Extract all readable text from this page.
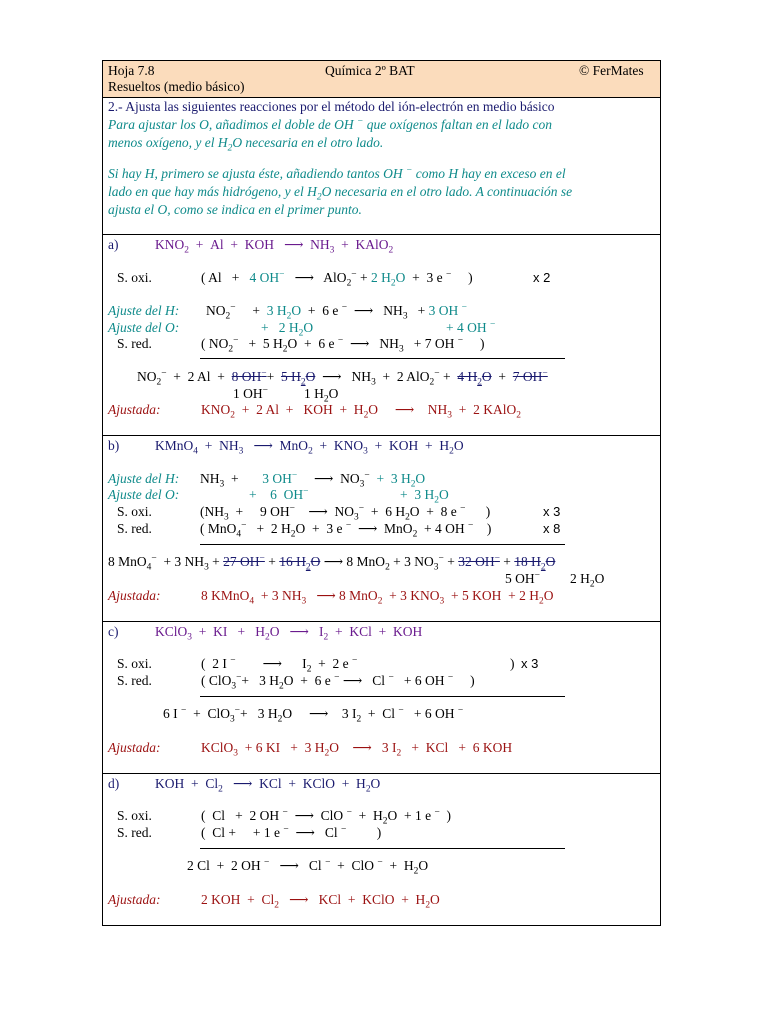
Hoja 7.8	Química 2º BAT	© FerMates
Resueltos (medio básico)
2.- Ajusta las siguientes reacciones por el método del ión-electrón en medio básico
Para ajustar los O, añadimos el doble de OH − que oxígenos faltan en el lado con
menos oxígeno, y el $H_2O$ necesaria en el otro lado.
Si hay H, primero se ajusta éste, añadiendo tantos OH − como H hay en exceso en el
lado en que hay más hidrógeno, y el $H_2O$ necesaria en el otro lado. A continuación se
ajusta el O, como se indica en el primer punto.
a)	$KNO_2 + Al$  +  KOH   ⟶  $NH_3$  +  KAlO$_2$
S. oxi.	( Al   +   4 OH−   ⟶   AlO$_2$− + 2 $H_2O + 3$ e −     )	x 2
Ajuste del H: $NO_2^-$     +  3 $H_2O + 6$ e −  ⟶   $NH_3 + 3$ OH −
Ajuste del O:	+   2 $H_2O$	+ 4 OH −
S. red.	( $NO_2^- + 5$ $H_2O + 6$ e −  ⟶   $NH_3 + 7$ OH −     )
$NO_2^- + 2$ Al  +  8 OH−+  5 $H_2O$  ⟶   $NH_3 + 2$ AlO$_2$− +  4 $H_2O + 7$ OH−
1 OH−	1 $H_2O$
Ajustada:	$KNO_2 + 2$ Al  +   KOH  +  $H_2O$     ⟶    $NH_3 + 2$ KAlO$_2$
b)	KMnO$_4$  +  $NH_3$   ⟶  $MnO_2 + KNO_3$  +  KOH  +  $H_2O$
Ajuste del H: $NH_3$  +       3 OH−     ⟶  $NO_3^- + 3$ $H_2O$
Ajuste del O:	+    6  OH−	+  3 $H_2O$
S. oxi.	($NH_3$  +     9 OH−    ⟶  $NO_3^- + 6$ $H_2O + 8$ e −      )	x 3
S. red.	( MnO$_4$−   +  2 $H_2O + 3$ e −  ⟶  MnO$_2$  + 4 OH −    )	x 8
8 MnO$_4$−  + 3 $NH_3 + 27$ OH− + 16 $H_2O$ ⟶ 8 MnO$_2$ + 3 $NO_3^- + 32$ OH− + 18 $H_2O$
5 OH− 2 $H_2O$
Ajustada:	8 KMnO$_4$  + 3 $NH_3$   ⟶ 8 MnO$_2$  + 3 $KNO_3 + 5$ KOH  + 2 $H_2O$
c)	KClO$_3$  +  KI   +   $H_2O$   ⟶   $I_2$  +  KCl  +  KOH
S. oxi.	(  2 I −        ⟶      $I_2 + 2$ e −	) x 3
S. red.	( ClO$_3$−+   3 $H_2O + 6$ e − ⟶   Cl −   + 6 OH −     )
6 I −  +  ClO$_3$−+   3 $H_2O$     ⟶    3 $I_2 + Cl$ −   + 6 OH −
Ajustada:	KClO$_3$  + 6 KI   +  3 $H_2O$    ⟶   3 $I_2$   +  KCl   +  6 KOH
d)	KOH  +  $Cl_2$   ⟶  KCl  +  KClO  +  $H_2O$
S. oxi.	(  Cl   +  2 OH −  ⟶  ClO $^- + H_2O + 1$ e −  )
S. red.	(  Cl +     + 1 e −  ⟶   Cl −         )
2 Cl  +  2 OH −   ⟶   Cl −  +  ClO $^- + H_2O$
Ajustada:	2 KOH  +  $Cl_2$   ⟶   KCl  +  KClO  +  $H_2O$
